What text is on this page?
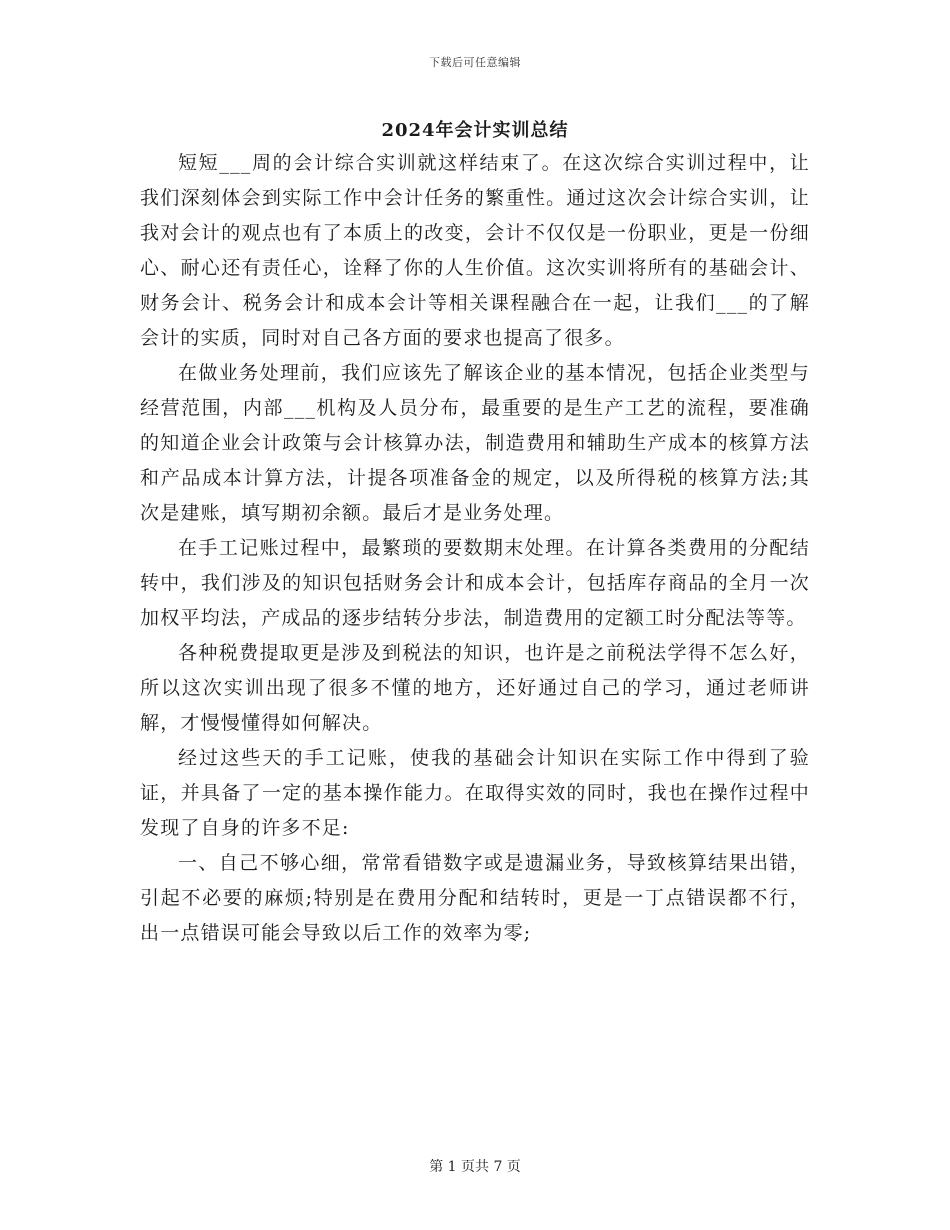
下载后可任意编辑
2024年会计实训总结

短短___周的会计综合实训就这样结束了。在这次综合实训过程中，让我们深刻体会到实际工作中会计任务的繁重性。通过这次会计综合实训，让我对会计的观点也有了本质上的改变，会计不仅仅是一份职业，更是一份细心、耐心还有责任心，诠释了你的人生价值。这次实训将所有的基础会计、财务会计、税务会计和成本会计等相关课程融合在一起，让我们___的了解会计的实质，同时对自己各方面的要求也提高了很多。

在做业务处理前，我们应该先了解该企业的基本情况，包括企业类型与经营范围，内部___机构及人员分布，最重要的是生产工艺的流程，要准确的知道企业会计政策与会计核算办法，制造费用和辅助生产成本的核算方法和产品成本计算方法，计提各项准备金的规定，以及所得税的核算方法;其次是建账，填写期初余额。最后才是业务处理。

在手工记账过程中，最繁琐的要数期末处理。在计算各类费用的分配结转中，我们涉及的知识包括财务会计和成本会计，包括库存商品的全月一次加权平均法，产成品的逐步结转分步法，制造费用的定额工时分配法等等。

各种税费提取更是涉及到税法的知识，也许是之前税法学得不怎么好，所以这次实训出现了很多不懂的地方，还好通过自己的学习，通过老师讲解，才慢慢懂得如何解决。

经过这些天的手工记账，使我的基础会计知识在实际工作中得到了验证，并具备了一定的基本操作能力。在取得实效的同时，我也在操作过程中发现了自身的许多不足:

一、自己不够心细，常常看错数字或是遗漏业务，导致核算结果出错，引起不必要的麻烦;特别是在费用分配和结转时，更是一丁点错误都不行，出一点错误可能会导致以后工作的效率为零;

第 1 页共 7 页
